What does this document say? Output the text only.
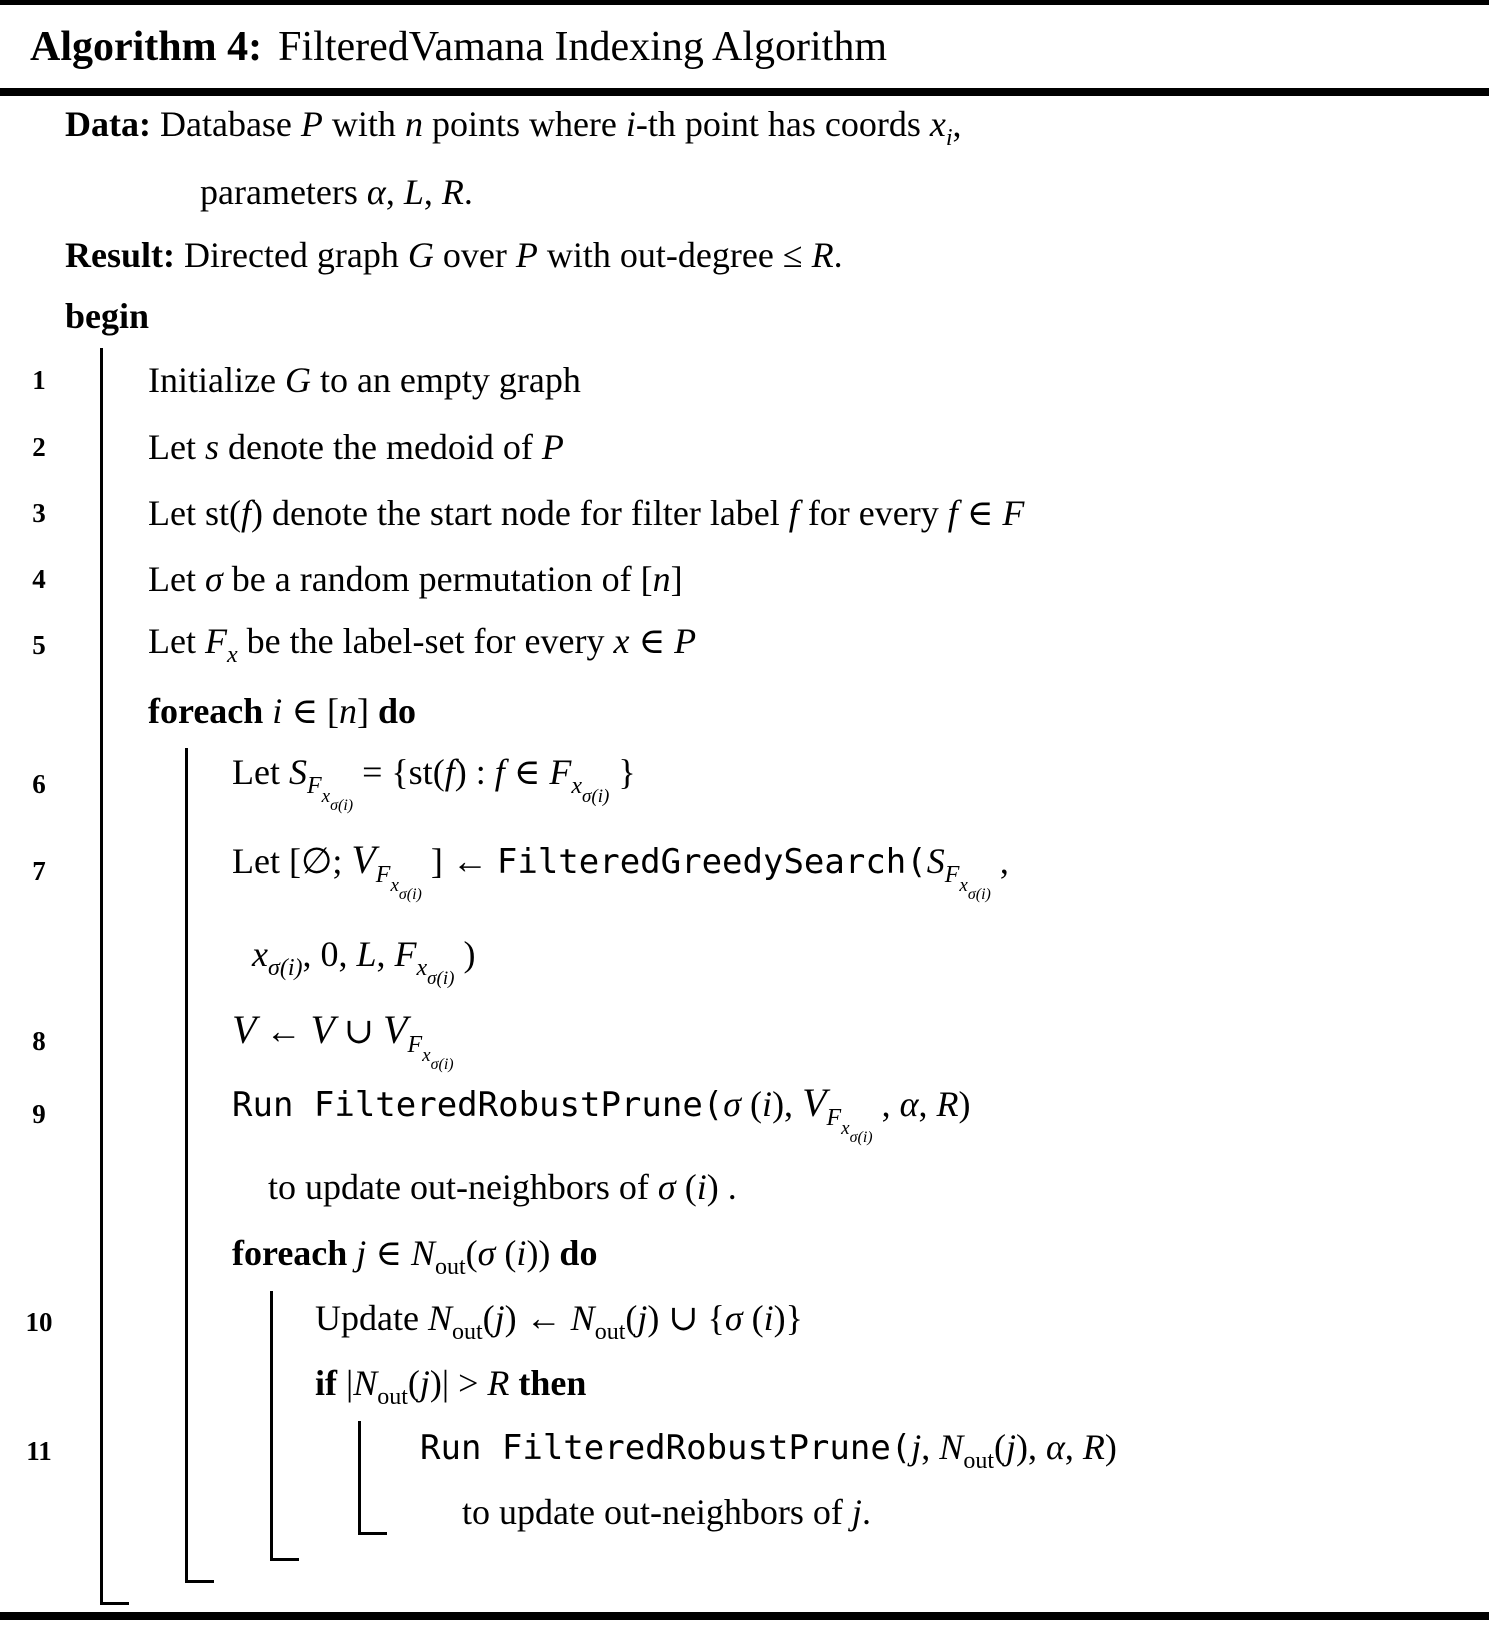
Algorithm 4: FilteredVamana Indexing Algorithm
Data: Database P with n points where i-th point has coords $x_i$,
parameters α, L, R.
Result: Directed graph G over P with out-degree ≤ R.
begin
1	Initialize G to an empty graph
2	Let s denote the medoid of P
3	Let st(f) denote the start node for filter label f for every f ∈ F
4	Let σ be a random permutation of [n]
5	Let $F_x$ be the label-set for every x ∈ P
foreach i ∈ [n] do
6	Let $S_{Fx\sigma(i)} = \{st(f)$ : f ∈ $F_{x\sigma(i)}$ }
7	Let [∅; $V_{Fx\sigma(i)}$ ] ← $FilteredGreedySearch(S_{Fx\sigma(i)}$ ,
$x_{\sigma(i)}$, 0, L, $F_{x\sigma(i)}$ )
8	V ← V ∪ $V_{Fx\sigma(i)}$
9	Run FilteredRobustPrune(σ (i), $V_{Fx\sigma(i)}$ , α, R)
to update out-neighbors of σ (i) .
foreach j ∈ $N_{out}(\sigma$ (i)) do
10	Update $N_{out}(j)$ ← $N_{out}(j)$ ∪ {σ (i)}
if $|N_{out}(j)| > R$ then
11	Run FilteredRobustPrune(j, $N_{out}(j)$, α, R)
to update out-neighbors of j.
